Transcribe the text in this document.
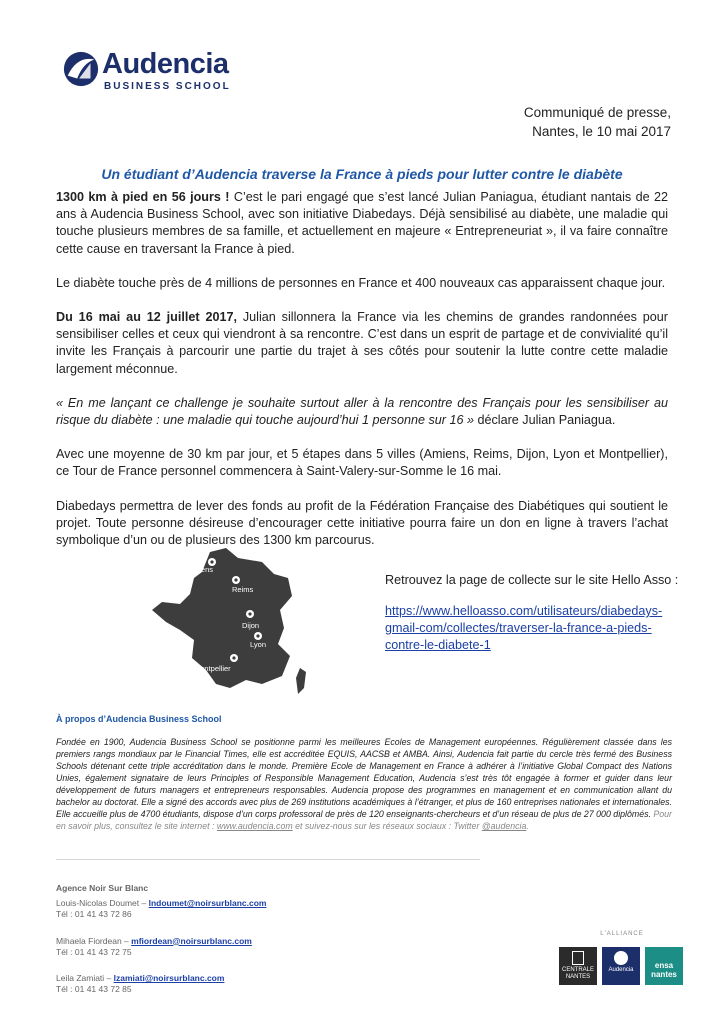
Audencia
BUSINESS SCHOOL
Communiqué de presse,
Nantes, le 10 mai 2017
Un étudiant d’Audencia traverse la France à pieds pour lutter contre le diabète

1300 km à pied en 56 jours ! C’est le pari engagé que s’est lancé Julian Paniagua, étudiant nantais de 22 ans à Audencia Business School, avec son initiative Diabedays. Déjà sensibilisé au diabète, une maladie qui touche plusieurs membres de sa famille, et actuellement en majeure « Entrepreneuriat », il va faire connaître cette cause en traversant la France à pied.

Le diabète touche près de 4 millions de personnes en France et 400 nouveaux cas apparaissent chaque jour.

Du 16 mai au 12 juillet 2017, Julian sillonnera la France via les chemins de grandes randonnées pour sensibiliser celles et ceux qui viendront à sa rencontre. C’est dans un esprit de partage et de convivialité qu’il invite les Français à parcourir une partie du trajet à ses côtés pour soutenir la lutte contre cette maladie largement méconnue.

« En me lançant ce challenge je souhaite surtout aller à la rencontre des Français pour les sensibiliser au risque du diabète : une maladie qui touche aujourd’hui 1 personne sur 16 » déclare Julian Paniagua.

Avec une moyenne de 30 km par jour, et 5 étapes dans 5 villes (Amiens, Reims, Dijon, Lyon et Montpellier), ce Tour de France personnel commencera à Saint-Valery-sur-Somme le 16 mai.

Diabedays permettra de lever des fonds au profit de la Fédération Française des Diabétiques qui soutient le projet. Toute personne désireuse d’encourager cette initiative pourra faire un don en ligne à travers l’achat symbolique d’un ou de plusieurs des 1300 km parcourus.

Amiens
Reims
Dijon
Lyon
Montpellier
Retrouvez la page de collecte sur le site Hello Asso :
https://www.helloasso.com/utilisateurs/diabedays-gmail-com/collectes/traverser-la-france-a-pieds-contre-le-diabete-1
À propos d’Audencia Business School
Fondée en 1900, Audencia Business School se positionne parmi les meilleures Ecoles de Management européennes. Régulièrement classée dans les premiers rangs mondiaux par le Financial Times, elle est accréditée EQUIS, AACSB et AMBA. Ainsi, Audencia fait partie du cercle très fermé des Business Schools détenant cette triple accréditation dans le monde. Première Ecole de Management en France à adhérer à l’initiative Global Compact des Nations Unies, également signataire de leurs Principles of Responsible Management Education, Audencia s’est très tôt engagée à former et guider dans leur développement de futurs managers et entrepreneurs responsables. Audencia propose des programmes en management et en communication allant du bachelor au doctorat. Elle a signé des accords avec plus de 269 institutions académiques à l’étranger, et plus de 160 entreprises nationales et internationales. Elle accueille plus de 4700 étudiants, dispose d’un corps professoral de près de 120 enseignants-chercheurs et d’un réseau de plus de 27 000 diplômés. Pour en savoir plus, consultez le site internet : www.audencia.com et suivez-nous sur les réseaux sociaux : Twitter @audencia.
Agence Noir Sur Blanc
Louis-Nicolas Doumet – lndoumet@noirsurblanc.com
Tél : 01 41 43 72 86
Mihaela Fiordean – mfiordean@noirsurblanc.com
Tél : 01 41 43 72 75
Leila Zamiati – lzamiati@noirsurblanc.com
Tél : 01 41 43 72 85
L'ALLIANCE
CENTRALE NANTES
Audencia	ensa nantes
